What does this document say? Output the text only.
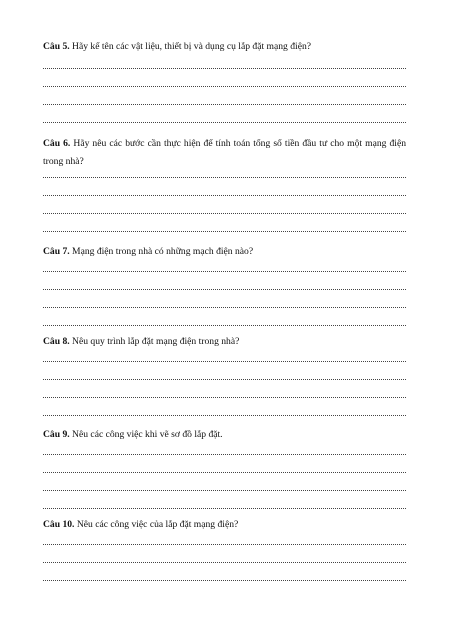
Câu 5. Hãy kể tên các vật liệu, thiết bị và dụng cụ lắp đặt mạng điện?
Câu 6. Hãy nêu các bước cần thực hiện để tính toán tổng số tiền đầu tư cho một mạng điện trong nhà?
Câu 7. Mạng điện trong nhà có những mạch điện nào?
Câu 8. Nêu quy trình lắp đặt mạng điện trong nhà?
Câu 9. Nêu các công việc khi vẽ sơ đồ lắp đặt.
Câu 10. Nêu các công việc của lắp đặt mạng điện?
